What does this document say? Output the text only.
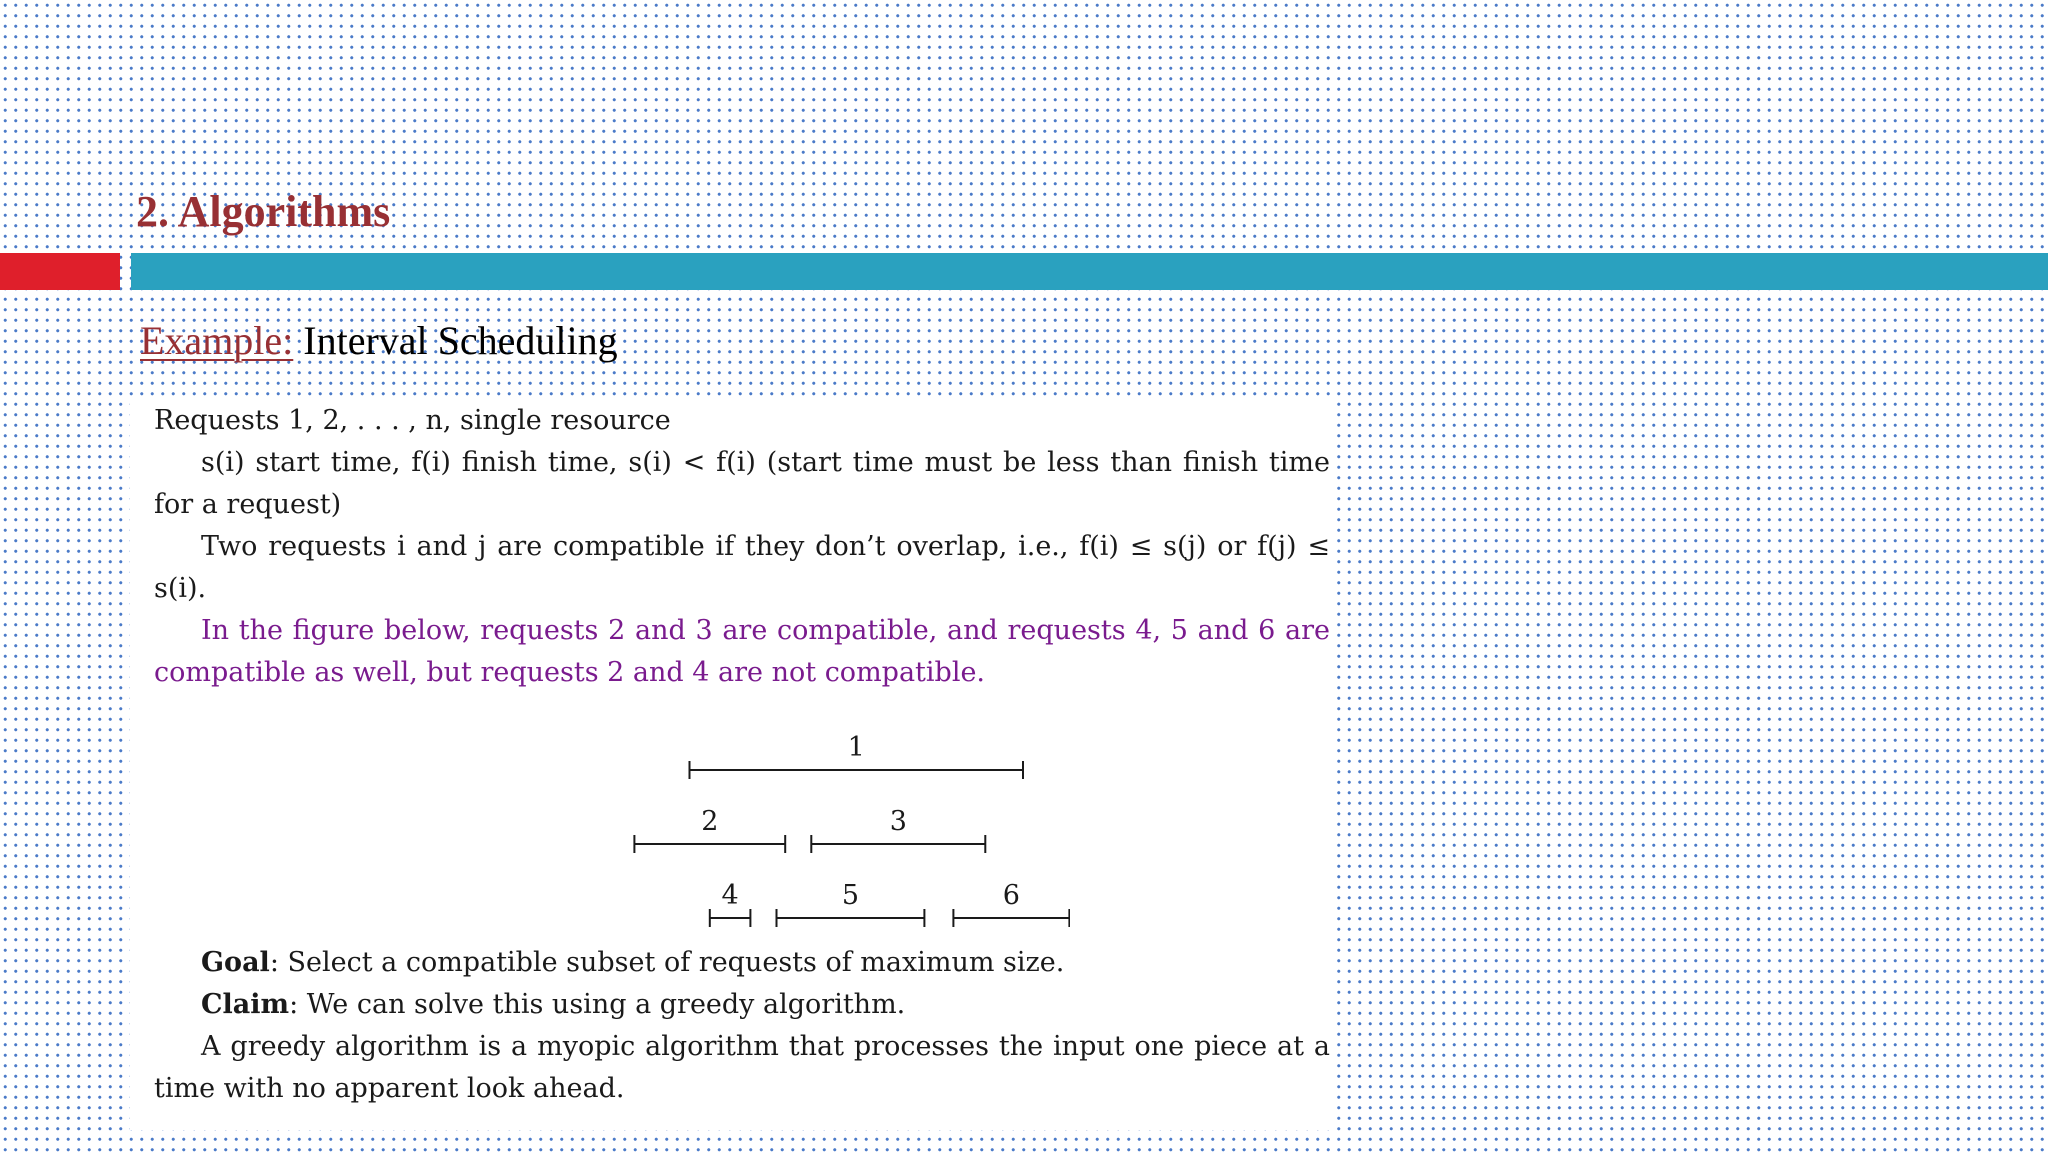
2. Algorithms
Example: Interval Scheduling

Requests 1, 2, . . . , n, single resource

s(i) start time, f(i) finish time, s(i) < f(i) (start time must be less than finish time for a request)

Two requests i and j are compatible if they don’t overlap, i.e., f(i) ≤ s(j) or f(j) ≤ s(i).

In the figure below, requests 2 and 3 are compatible, and requests 4, 5 and 6 are compatible as well, but requests 2 and 4 are not compatible.

1
2	3
4	5	6

Goal: Select a compatible subset of requests of maximum size.

Claim: We can solve this using a greedy algorithm.

A greedy algorithm is a myopic algorithm that processes the input one piece at a time with no apparent look ahead.
